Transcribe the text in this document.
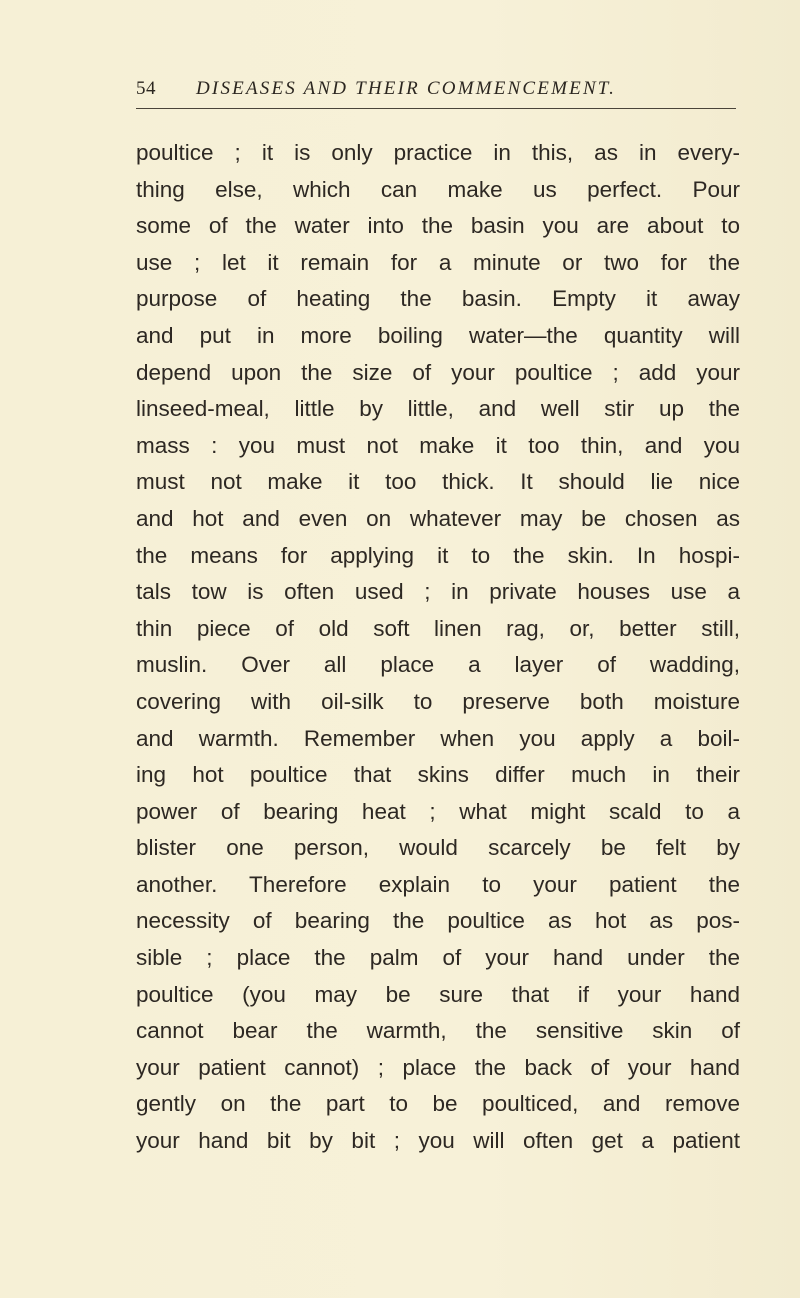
54 DISEASES AND THEIR COMMENCEMENT.
poultice ; it is only practice in this, as in every-
thing else, which can make us perfect. Pour
some of the water into the basin you are about to
use ; let it remain for a minute or two for the
purpose of heating the basin. Empty it away
and put in more boiling water—the quantity will
depend upon the size of your poultice ; add your
linseed-meal, little by little, and well stir up the
mass : you must not make it too thin, and you
must not make it too thick. It should lie nice
and hot and even on whatever may be chosen as
the means for applying it to the skin. In hospi-
tals tow is often used ; in private houses use a
thin piece of old soft linen rag, or, better still,
muslin. Over all place a layer of wadding,
covering with oil-silk to preserve both moisture
and warmth. Remember when you apply a boil-
ing hot poultice that skins differ much in their
power of bearing heat ; what might scald to a
blister one person, would scarcely be felt by
another. Therefore explain to your patient the
necessity of bearing the poultice as hot as pos-
sible ; place the palm of your hand under the
poultice (you may be sure that if your hand
cannot bear the warmth, the sensitive skin of
your patient cannot) ; place the back of your hand
gently on the part to be poulticed, and remove
your hand bit by bit ; you will often get a patient
